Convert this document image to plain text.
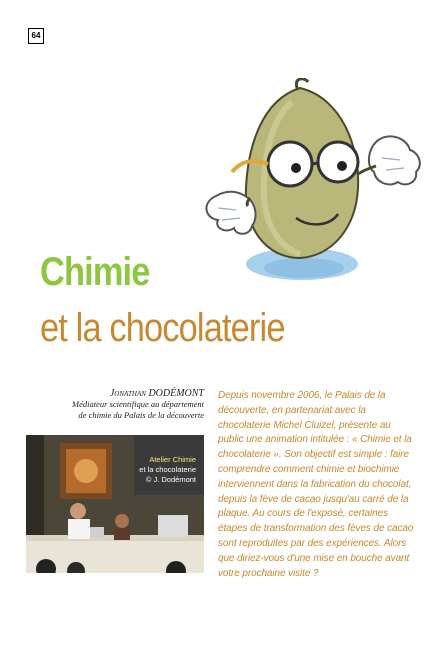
64
Chimie
et la chocolaterie
Jonathan DODÉMONT
Médiateur scientifique au département
de chimie du Palais de la découverte
Atelier Chimie
et la chocolaterie
© J. Dodémont

Depuis novembre 2006, le Palais de la découverte, en partenariat avec la chocolaterie Michel Cluizel, présente au public une animation intitulée : « Chimie et la chocolaterie ». Son objectif est simple : faire comprendre comment chimie et biochimie interviennent dans la fabrication du chocolat, depuis la fève de cacao jusqu'au carré de la plaque. Au cours de l'exposé, certaines étapes de transformation des fèves de cacao sont reproduites par des expériences. Alors que diriez-vous d'une mise en bouche avant votre prochaine visite ?
